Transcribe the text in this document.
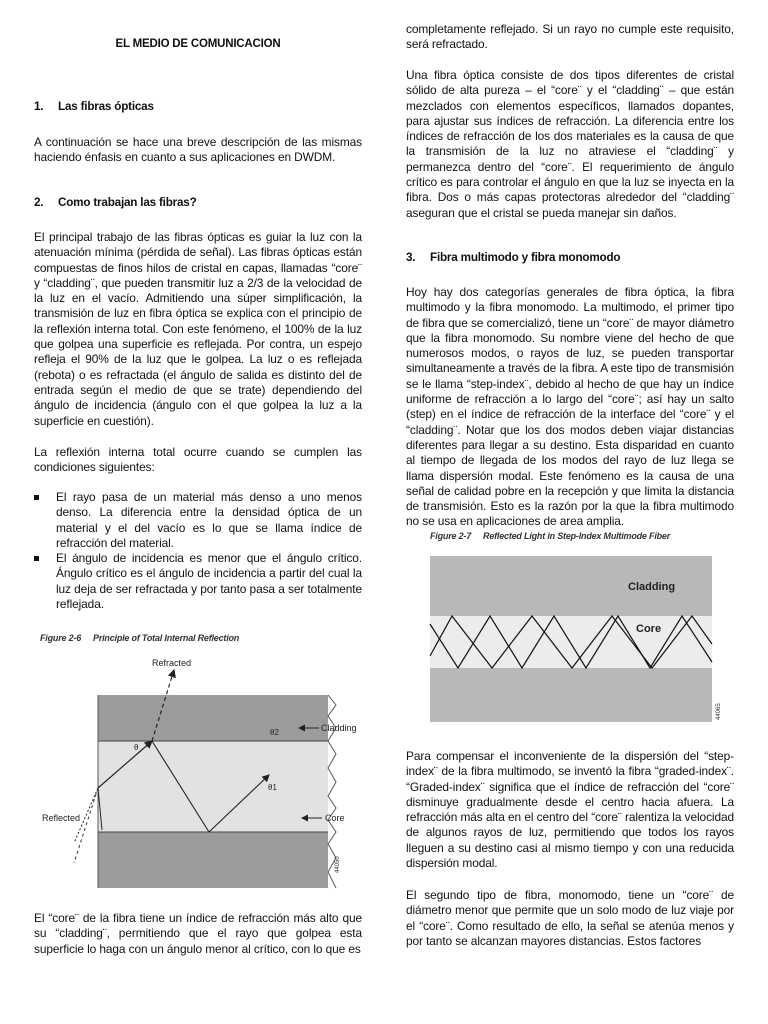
EL MEDIO DE COMUNICACION
1. Las fibras ópticas

A continuación se hace una breve descripción de las mismas haciendo énfasis en cuanto a sus aplicaciones en DWDM.

2. Como trabajan las fibras?

El principal trabajo de las fibras ópticas es guiar la luz con la atenuación mínima (pérdida de señal). Las fibras ópticas están compuestas de finos hilos de cristal en capas, llamadas “core¨ y “cladding¨, que pueden transmitir luz a 2/3 de la velocidad de la luz en el vacío. Admitiendo una súper simplificación, la transmisión de luz en fibra óptica se explica con el principio de la reflexión interna total. Con este fenómeno, el 100% de la luz que golpea una superficie es reflejada. Por contra, un espejo refleja el 90% de la luz que le golpea. La luz o es reflejada (rebota) o es refractada (el ángulo de salida es distinto del de entrada según el medio de que se trate) dependiendo del ángulo de incidencia (ángulo con el que golpea la luz a la superficie en cuestión).

La reflexión interna total ocurre cuando se cumplen las condiciones siguientes:

El rayo pasa de un material más denso a uno menos denso. La diferencia entre la densidad óptica de un material y el del vacío es lo que se llama índice de refracción del material.
El ángulo de incidencia es menor que el ángulo crítico. Ángulo crítico es el ángulo de incidencia a partir del cual la luz deja de ser refractada y por tanto pasa a ser totalmente reflejada.
Figure 2-6 Principle of Total Internal Reflection
Refracted
Cladding
Core
Reflected
θ2
θ1
θ
44050

El “core¨ de la fibra tiene un índice de refracción más alto que su “cladding¨, permitiendo que el rayo que golpea esta superficie lo haga con un ángulo menor al crítico, con lo que es

completamente reflejado. Si un rayo no cumple este requisito, será refractado.

Una fibra óptica consiste de dos tipos diferentes de cristal sólido de alta pureza – el “core¨ y el “cladding¨ – que están mezclados con elementos específicos, llamados dopantes, para ajustar sus índices de refracción. La diferencia entre los índices de refracción de los dos materiales es la causa de que la transmisión de la luz no atraviese el “cladding¨ y permanezca dentro del “core¨. El requerimiento de ángulo crítico es para controlar el ángulo en que la luz se inyecta en la fibra. Dos o más capas protectoras alrededor del “cladding¨ aseguran que el cristal se pueda manejar sin daños.

3. Fibra multimodo y fibra monomodo

Hoy hay dos categorías generales de fibra óptica, la fibra multimodo y la fibra monomodo. La multimodo, el primer tipo de fibra que se comercializó, tiene un “core¨ de mayor diámetro que la fibra monomodo. Su nombre viene del hecho de que numerosos modos, o rayos de luz, se pueden transportar simultaneamente a través de la fibra. A este tipo de transmisión se le llama “step-index¨, debido al hecho de que hay un índice uniforme de refracción a lo largo del “core¨; así hay un salto (step) en el índice de refracción de la interface del “core¨ y el “cladding¨. Notar que los dos modos deben viajar distancias diferentes para llegar a su destino. Esta disparidad en cuanto al tiempo de llegada de los modos del rayo de luz llega se llama dispersión modal. Este fenómeno es la causa de una señal de calidad pobre en la recepción y que limita la distancia de transmisión. Esto es la razón por la que la fibra multimodo no se usa en aplicaciones de area amplia.

Figure 2-7 Reflected Light in Step-Index Multimode Fiber
Cladding
Core
44065

Para compensar el inconveniente de la dispersión del “step-index¨ de la fibra multimodo, se inventó la fibra “graded-index¨. “Graded-index¨ significa que el índice de refracción del “core¨ disminuye gradualmente desde el centro hacia afuera. La refracción más alta en el centro del “core¨ ralentiza la velocidad de algunos rayos de luz, permitiendo que todos los rayos lleguen a su destino casi al mismo tiempo y con una reducida dispersión modal.

El segundo tipo de fibra, monomodo, tiene un “core¨ de diámetro menor que permite que un solo modo de luz viaje por el “core¨. Como resultado de ello, la señal se atenúa menos y por tanto se alcanzan mayores distancias. Estos factores
